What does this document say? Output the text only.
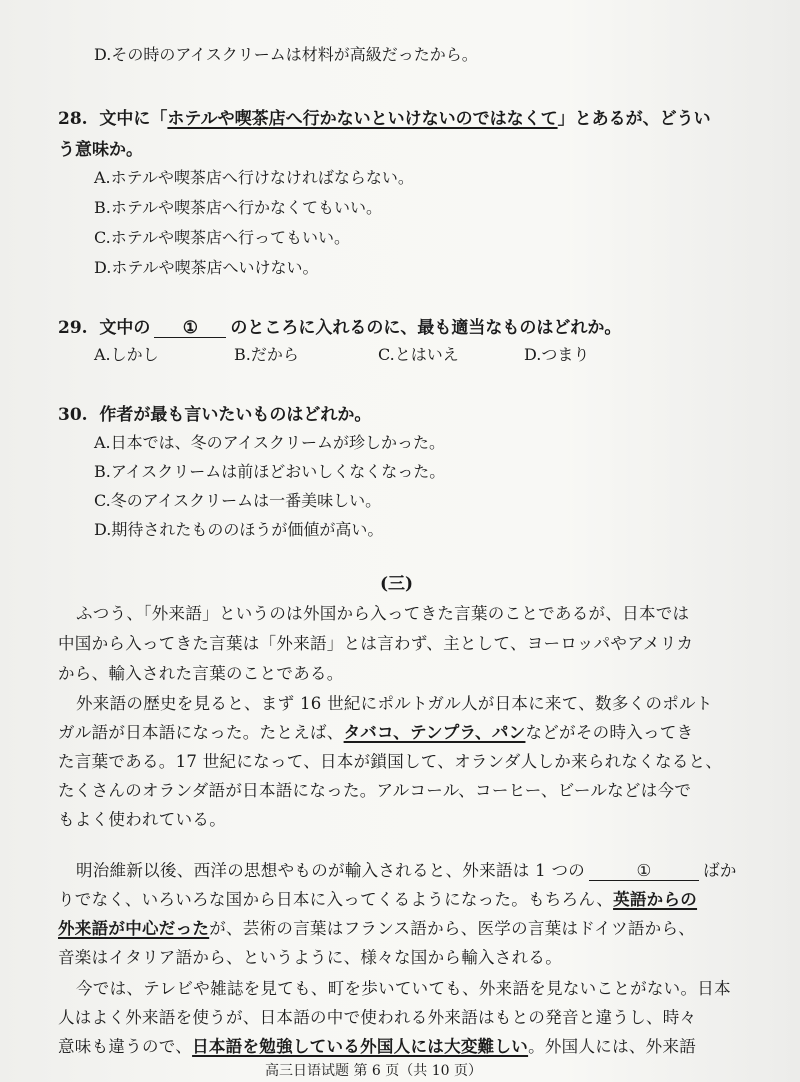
D.その時のアイスクリームは材料が高級だったから。
28. 文中に「ホテルや喫茶店へ行かないといけないのではなくて」とあるが、どうい
う意味か。
A.ホテルや喫茶店へ行けなければならない。
B.ホテルや喫茶店へ行かなくてもいい。
C.ホテルや喫茶店へ行ってもいい。
D.ホテルや喫茶店へいけない。
29. 文中の ① のところに入れるのに、最も適当なものはどれか。
A.しかし	B.だから	C.とはいえ	D.つまり
30. 作者が最も言いたいものはどれか。
A.日本では、冬のアイスクリームが珍しかった。
B.アイスクリームは前ほどおいしくなくなった。
C.冬のアイスクリームは一番美味しい。
D.期待されたもののほうが価値が高い。
(三)
ふつう、「外来語」というのは外国から入ってきた言葉のことであるが、日本では
中国から入ってきた言葉は「外来語」とは言わず、主として、ヨーロッパやアメリカ
から、輸入された言葉のことである。
外来語の歴史を見ると、まず 16 世紀にポルトガル人が日本に来て、数多くのポルト
ガル語が日本語になった。たとえば、タバコ、テンプラ、パンなどがその時入ってき
た言葉である。17 世紀になって、日本が鎖国して、オランダ人しか来られなくなると、
たくさんのオランダ語が日本語になった。アルコール、コーヒー、ビールなどは今で
もよく使われている。
明治維新以後、西洋の思想やものが輸入されると、外来語は 1 つの	①	ばか
りでなく、いろいろな国から日本に入ってくるようになった。もちろん、英語からの
外来語が中心だったが、芸術の言葉はフランス語から、医学の言葉はドイツ語から、
音楽はイタリア語から、というように、様々な国から輸入される。
今では、テレビや雑誌を見ても、町を歩いていても、外来語を見ないことがない。日本
人はよく外来語を使うが、日本語の中で使われる外来語はもとの発音と違うし、時々
意味も違うので、日本語を勉強している外国人には大変難しい。外国人には、外来語
高三日语试题 第 6 页（共 10 页）
